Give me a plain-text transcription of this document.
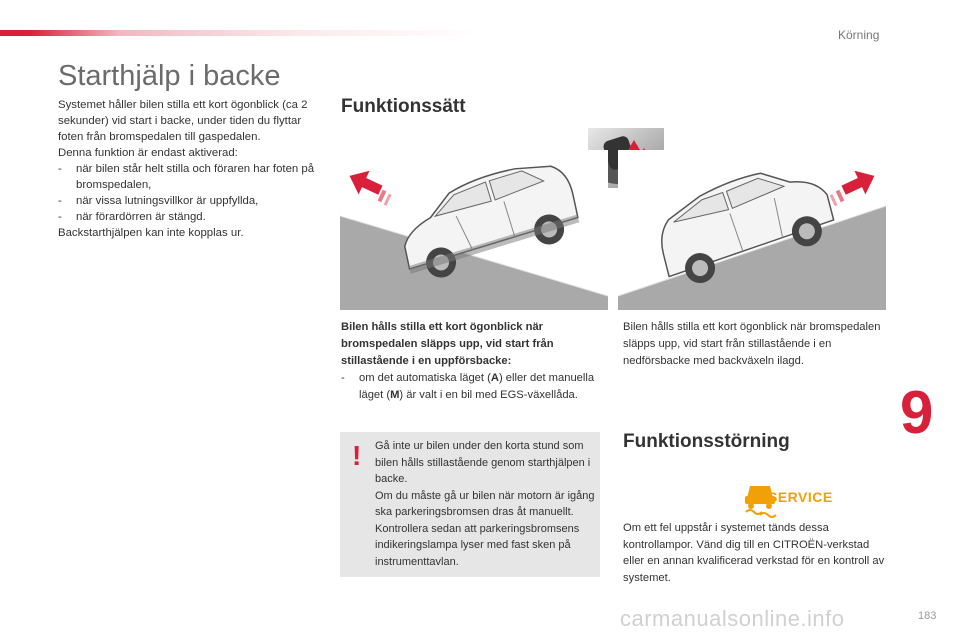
Körning
9
183
Starthjälp i backe

Systemet håller bilen stilla ett kort ögonblick (ca 2 sekunder) vid start i backe, under tiden du flyttar foten från bromspedalen till gaspedalen.

Denna funktion är endast aktiverad:

- när bilen står helt stilla och föraren har foten på bromspedalen,
- när vissa lutningsvillkor är uppfyllda,
- när förardörren är stängd.

Backstarthjälpen kan inte kopplas ur.

Funktionssätt
Bilen hålls stilla ett kort ögonblick när bromspedalen släpps upp, vid start från stillastående i en uppförsbacke:
- om det automatiska läget (A) eller det manuella läget (M) är valt i en bil med EGS-växellåda.
Bilen hålls stilla ett kort ögonblick när bromspedalen släpps upp, vid start från stillastående i en nedförsbacke med backväxeln ilagd.
! Gå inte ur bilen under den korta stund som bilen hålls stillastående genom starthjälpen i backe.

Om du måste gå ur bilen när motorn är igång ska parkeringsbromsen dras åt manuellt. Kontrollera sedan att parkeringsbromsens indikeringslampa lyser med fast sken på instrumenttavlan.

Funktionsstörning
SERVICE
Om ett fel uppstår i systemet tänds dessa kontrollampor. Vänd dig till en CITROËN-verkstad eller en annan kvalificerad verkstad för en kontroll av systemet.
carmanualsonline.info
